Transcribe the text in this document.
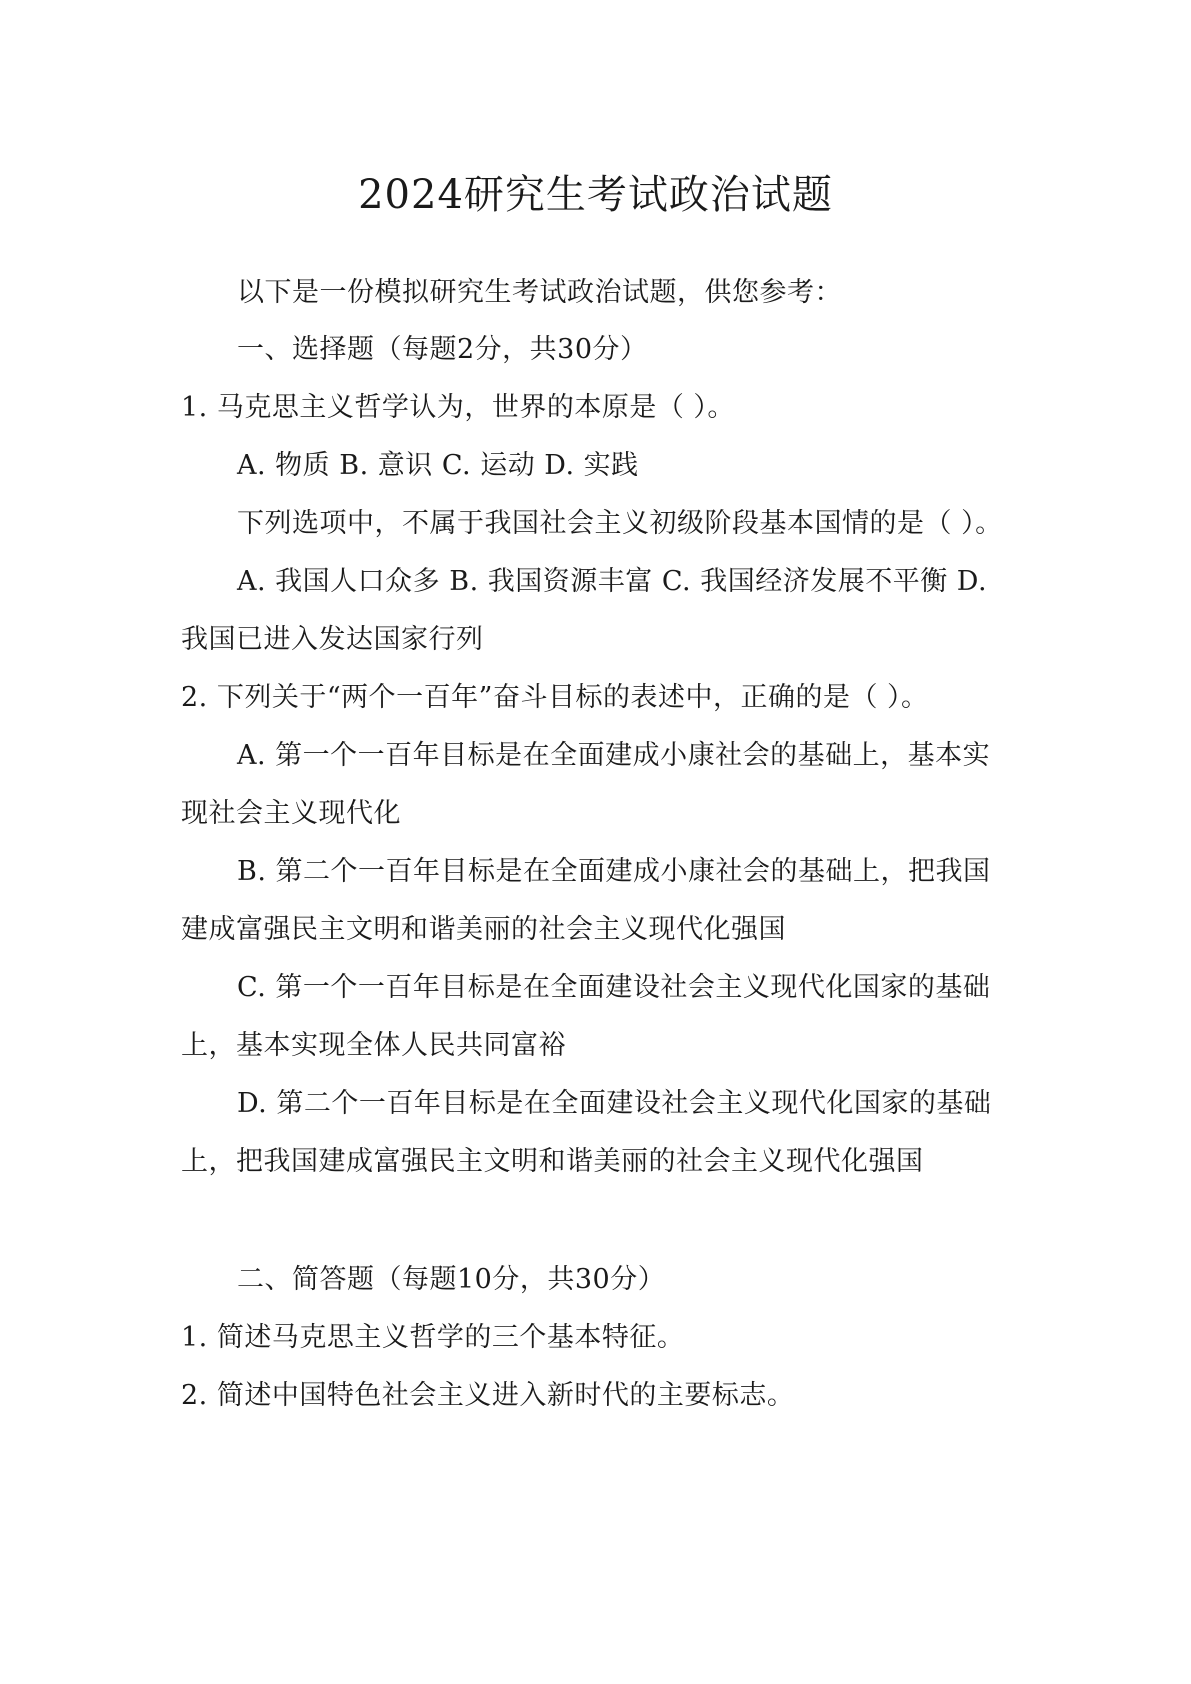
2024研究生考试政治试题
以下是一份模拟研究生考试政治试题，供您参考：
一、选择题（每题2分，共30分）
1. 马克思主义哲学认为，世界的本原是（ ）。
A. 物质 B. 意识 C. 运动 D. 实践
下列选项中，不属于我国社会主义初级阶段基本国情的是（ ）。
A. 我国人口众多 B. 我国资源丰富 C. 我国经济发展不平衡 D.
我国已进入发达国家行列
2. 下列关于“两个一百年”奋斗目标的表述中，正确的是（ ）。
A. 第一个一百年目标是在全面建成小康社会的基础上，基本实
现社会主义现代化
B. 第二个一百年目标是在全面建成小康社会的基础上，把我国
建成富强民主文明和谐美丽的社会主义现代化强国
C. 第一个一百年目标是在全面建设社会主义现代化国家的基础
上，基本实现全体人民共同富裕
D. 第二个一百年目标是在全面建设社会主义现代化国家的基础
上，把我国建成富强民主文明和谐美丽的社会主义现代化强国
二、简答题（每题10分，共30分）
1. 简述马克思主义哲学的三个基本特征。
2. 简述中国特色社会主义进入新时代的主要标志。
